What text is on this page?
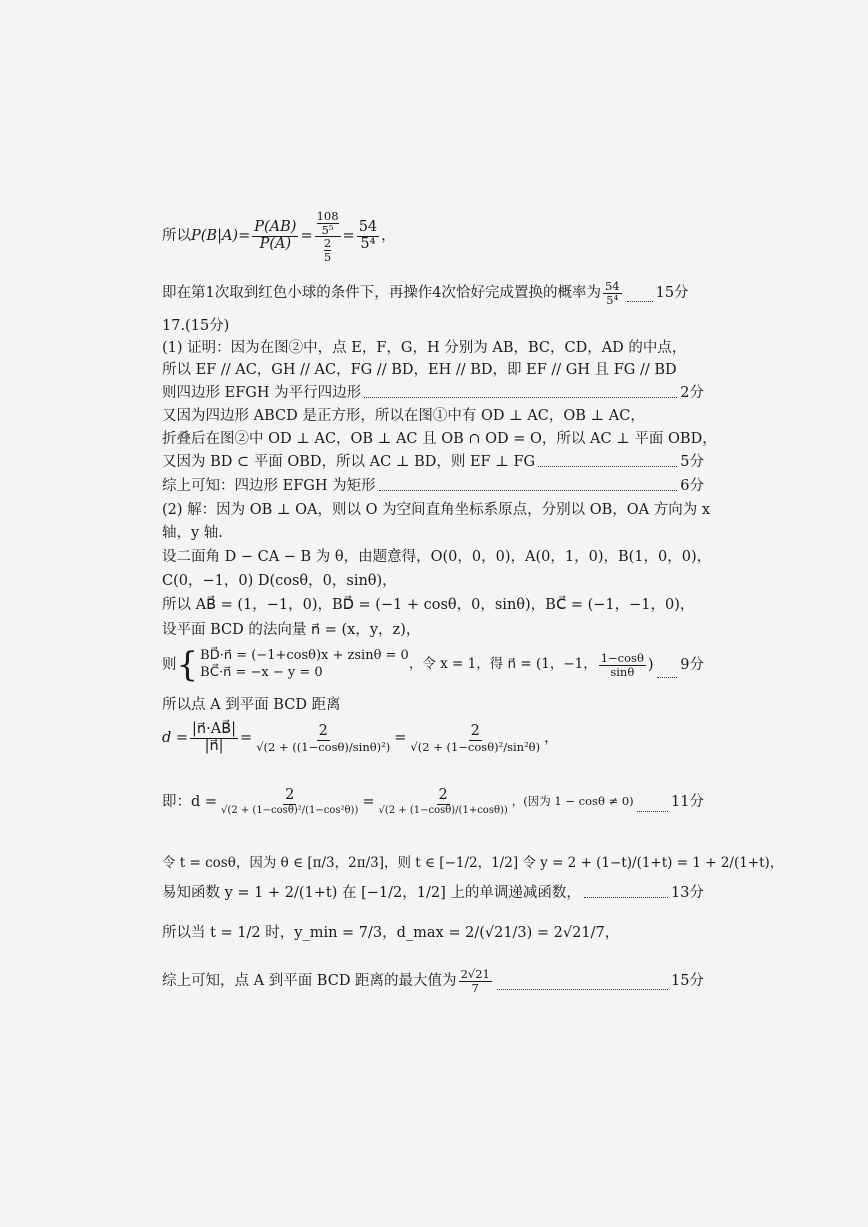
所以 $P(B|A)= \frac{P(AB)}{P(A)} = \frac{\frac{108}{\text{5⁵}}}{\frac{2}{5}} = \frac{54}{\text{5⁴}}$ ，
即在第1次取到红色小球的条件下，再操作4次恰好完成置换的概率为 $\frac{54}{\text{5⁴}} 15$分
17.(15分)
(1) 证明：因为在图②中，点 E，F，G，H 分别为 AB，BC，CD，AD 的中点，
所以 EF // AC，GH // AC，FG // BD，EH // BD，即 EF // GH 且 FG // BD
则四边形 EFGH 为平行四边形	2分
又因为四边形 ABCD 是正方形，所以在图①中有 OD ⊥ AC，OB ⊥ AC，
折叠后在图②中 OD ⊥ AC，OB ⊥ AC 且 OB ∩ OD = O，所以 AC ⊥ 平面 OBD，
又因为 BD ⊂ 平面 OBD，所以 AC ⊥ BD，则 EF ⊥ FG	5分
综上可知：四边形 EFGH 为矩形	6分
(2) 解：因为 OB ⊥ OA，则以 O 为空间直角坐标系原点，分别以 OB，OA 方向为 x
轴，y 轴.
设二面角 D − CA − B 为 θ，由题意得，O(0，0，0)，A(0，1，0)，B(1，0，0)，
C(0，−1，0) D(cosθ，0，sinθ)，
所以 AB⃗ = (1，−1，0)，BD⃗ = (−1 + cosθ，0，sinθ)，BC⃗ = (−1，−1，0)，
设平面 BCD 的法向量 n⃗ = (x，y，z)，
则 { BD⃗·n⃗ = (−1+cosθ)x + zsinθ = 0
BC⃗·n⃗ = −x − y = 0
，令 x = 1，得 n⃗ = (1，−1， $\frac{1-\cos\theta}{\sin\theta}$ ) 9分
所以点 A 到平面 BCD 距离
$d = \frac{|n⃗\cdot AB⃗|}{|n⃗|} = \frac{2}{\text{√(2 + ((1−cosθ)/sinθ)²)}} = \frac{2}{\text{√(2 + (1−cosθ)²/sin²θ)}}$ ，
即：$d = \frac{2}{\text{√(2 + (1−cosθ)²/(1−cos²θ))}} = \frac{2}{√(2 + (1-\cos\theta)/(1+\cos\theta))}$ ，(因为 1 − cosθ ≠ 0)	11分
令 t = cosθ，因为 θ ∈ [π/3，2π/3]，则 t ∈ [−1/2，1/2] 令 y = 2 + (1−t)/(1+t) = 1 + 2/(1+t)，
易知函数 y = 1 + 2/(1+t) 在 [−1/2，1/2] 上的单调递减函数，	13分
所以当 t = 1/2 时，y_min = 7/3，d_max = 2/(√21/3) = 2√21/7，
综上可知，点 A 到平面 BCD 距离的最大值为 $\frac{2√21}{7}$	15分
